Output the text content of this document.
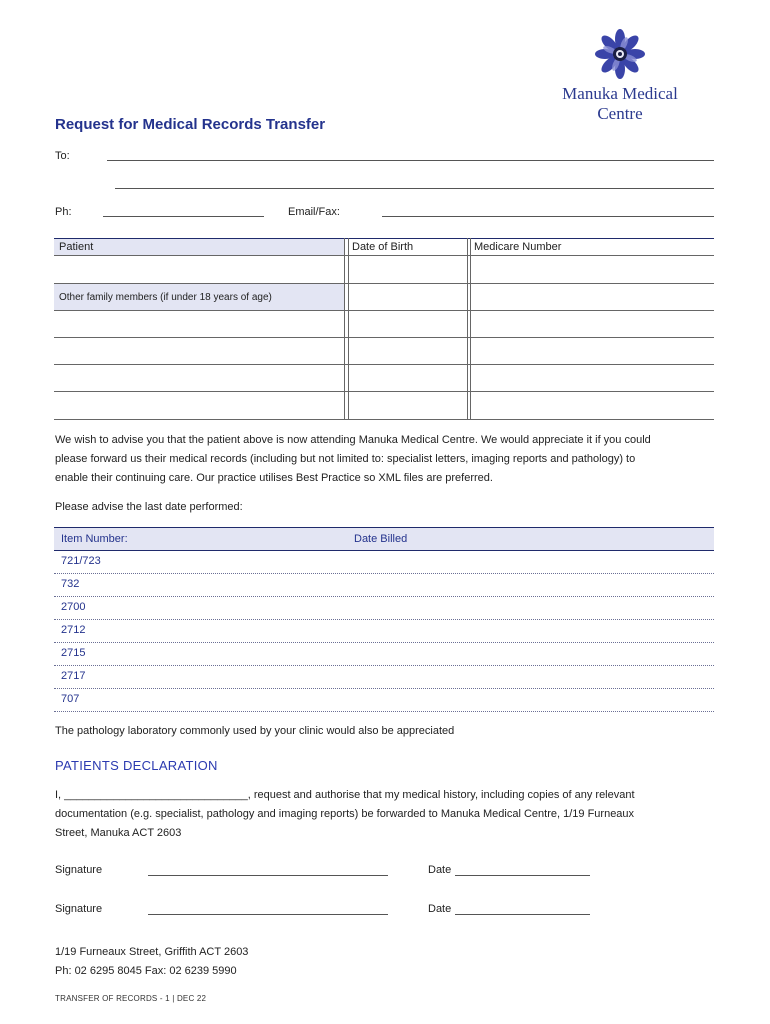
Manuka Medical
Centre
Request for Medical Records Transfer
To:
Ph:	Email/Fax:
Patient	Date of Birth	Medicare Number
Other family members (if under 18 years of age)
We wish to advise you that the patient above is now attending Manuka Medical Centre. We would appreciate it if you could
please forward us their medical records (including but not limited to: specialist letters, imaging reports and pathology) to
enable their continuing care. Our practice utilises Best Practice so XML files are preferred.
Please advise the last date performed:
Item Number:	Date Billed
721/723
732
2700
2712
2715
2717
707
The pathology laboratory commonly used by your clinic would also be appreciated
PATIENTS DECLARATION
I, ______________________________, request and authorise that my medical history, including copies of any relevant
documentation (e.g. specialist, pathology and imaging reports) be forwarded to Manuka Medical Centre, 1/19 Furneaux
Street, Manuka ACT 2603
Signature	Date
Signature	Date
1/19 Furneaux Street, Griffith ACT 2603
Ph: 02 6295 8045 Fax: 02 6239 5990
TRANSFER OF RECORDS - 1 | DEC 22
